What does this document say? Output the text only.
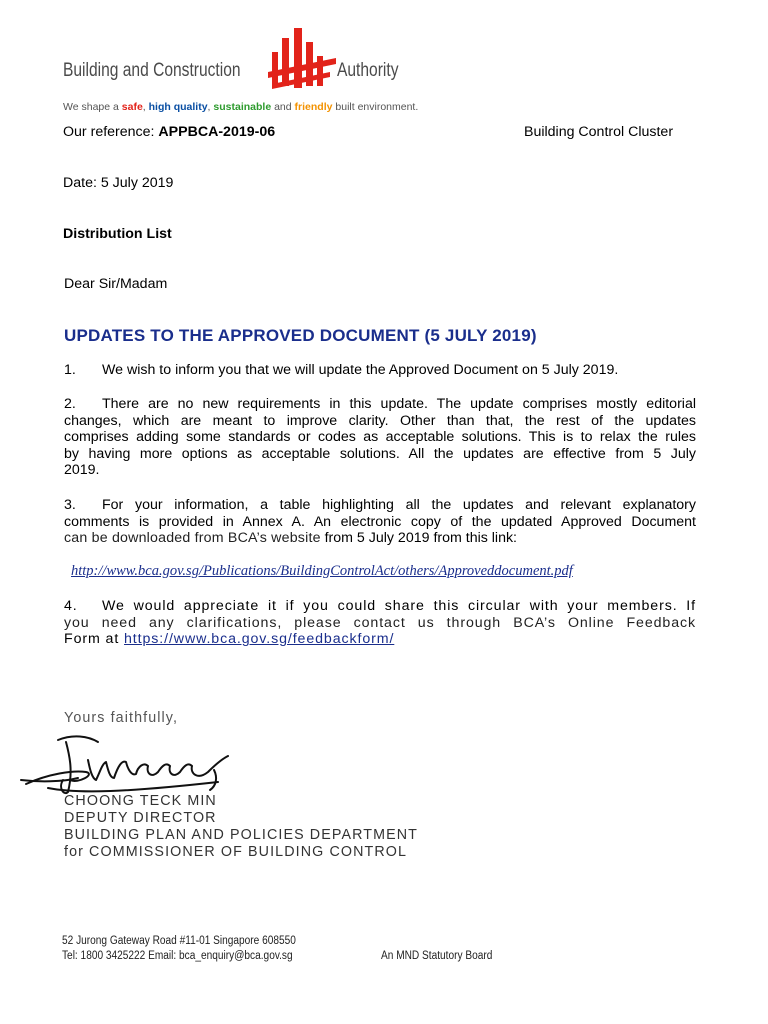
Building and Construction	Authority
We shape a safe, high quality, sustainable and friendly built environment.
Our reference: APPBCA-2019-06	Building Control Cluster
Date: 5 July 2019
Distribution List
Dear Sir/Madam
UPDATES TO THE APPROVED DOCUMENT (5 JULY 2019)
1. We wish to inform you that we will update the Approved Document on 5 July 2019.
2. There are no new requirements in this update. The update comprises mostly editorial
changes, which are meant to improve clarity. Other than that, the rest of the updates
comprises adding some standards or codes as acceptable solutions. This is to relax the rules
by having more options as acceptable solutions. All the updates are effective from 5 July
2019.
3. For your information, a table highlighting all the updates and relevant explanatory
comments is provided in Annex A. An electronic copy of the updated Approved Document
can be downloaded from BCA’s website from 5 July 2019 from this link:
http://www.bca.gov.sg/Publications/BuildingControlAct/others/Approveddocument.pdf
4. We would appreciate it if you could share this circular with your members. If
you need any clarifications, please contact us through BCA’s Online Feedback
Form at https://www.bca.gov.sg/feedbackform/
Yours faithfully,
CHOONG TECK MIN
DEPUTY DIRECTOR
BUILDING PLAN AND POLICIES DEPARTMENT
for COMMISSIONER OF BUILDING CONTROL
52 Jurong Gateway Road #11-01 Singapore 608550
Tel: 1800 3425222 Email: bca_enquiry@bca.gov.sg	An MND Statutory Board
